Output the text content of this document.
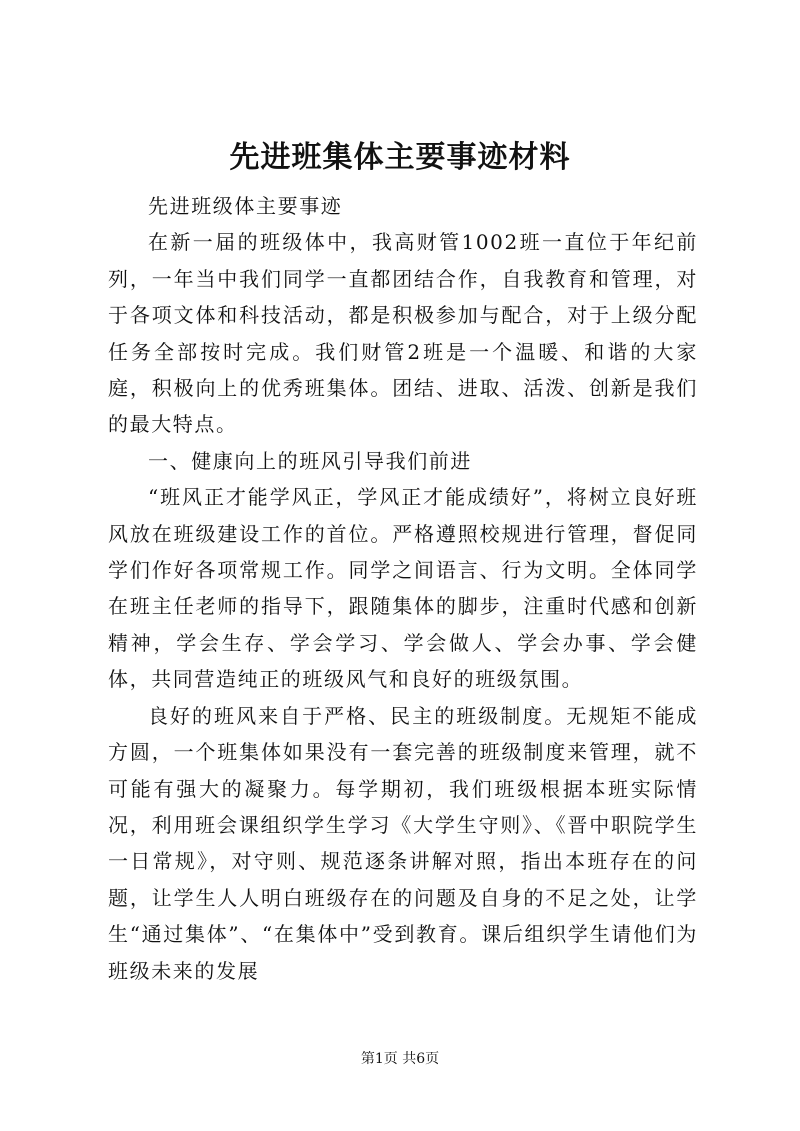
先进班集体主要事迹材料

先进班级体主要事迹

在新一届的班级体中，我高财管1002班一直位于年纪前列，一年当中我们同学一直都团结合作，自我教育和管理，对于各项文体和科技活动，都是积极参加与配合，对于上级分配任务全部按时完成。我们财管2班是一个温暖、和谐的大家庭，积极向上的优秀班集体。团结、进取、活泼、创新是我们的最大特点。

一、健康向上的班风引导我们前进

“班风正才能学风正，学风正才能成绩好”，将树立良好班风放在班级建设工作的首位。严格遵照校规进行管理，督促同学们作好各项常规工作。同学之间语言、行为文明。全体同学在班主任老师的指导下，跟随集体的脚步，注重时代感和创新精神，学会生存、学会学习、学会做人、学会办事、学会健体，共同营造纯正的班级风气和良好的班级氛围。

良好的班风来自于严格、民主的班级制度。无规矩不能成方圆，一个班集体如果没有一套完善的班级制度来管理，就不可能有强大的凝聚力。每学期初，我们班级根据本班实际情况，利用班会课组织学生学习《大学生守则》、《晋中职院学生一日常规》，对守则、规范逐条讲解对照，指出本班存在的问题，让学生人人明白班级存在的问题及自身的不足之处，让学生“通过集体”、“在集体中”受到教育。课后组织学生请他们为班级未来的发展

第1页 共6页
